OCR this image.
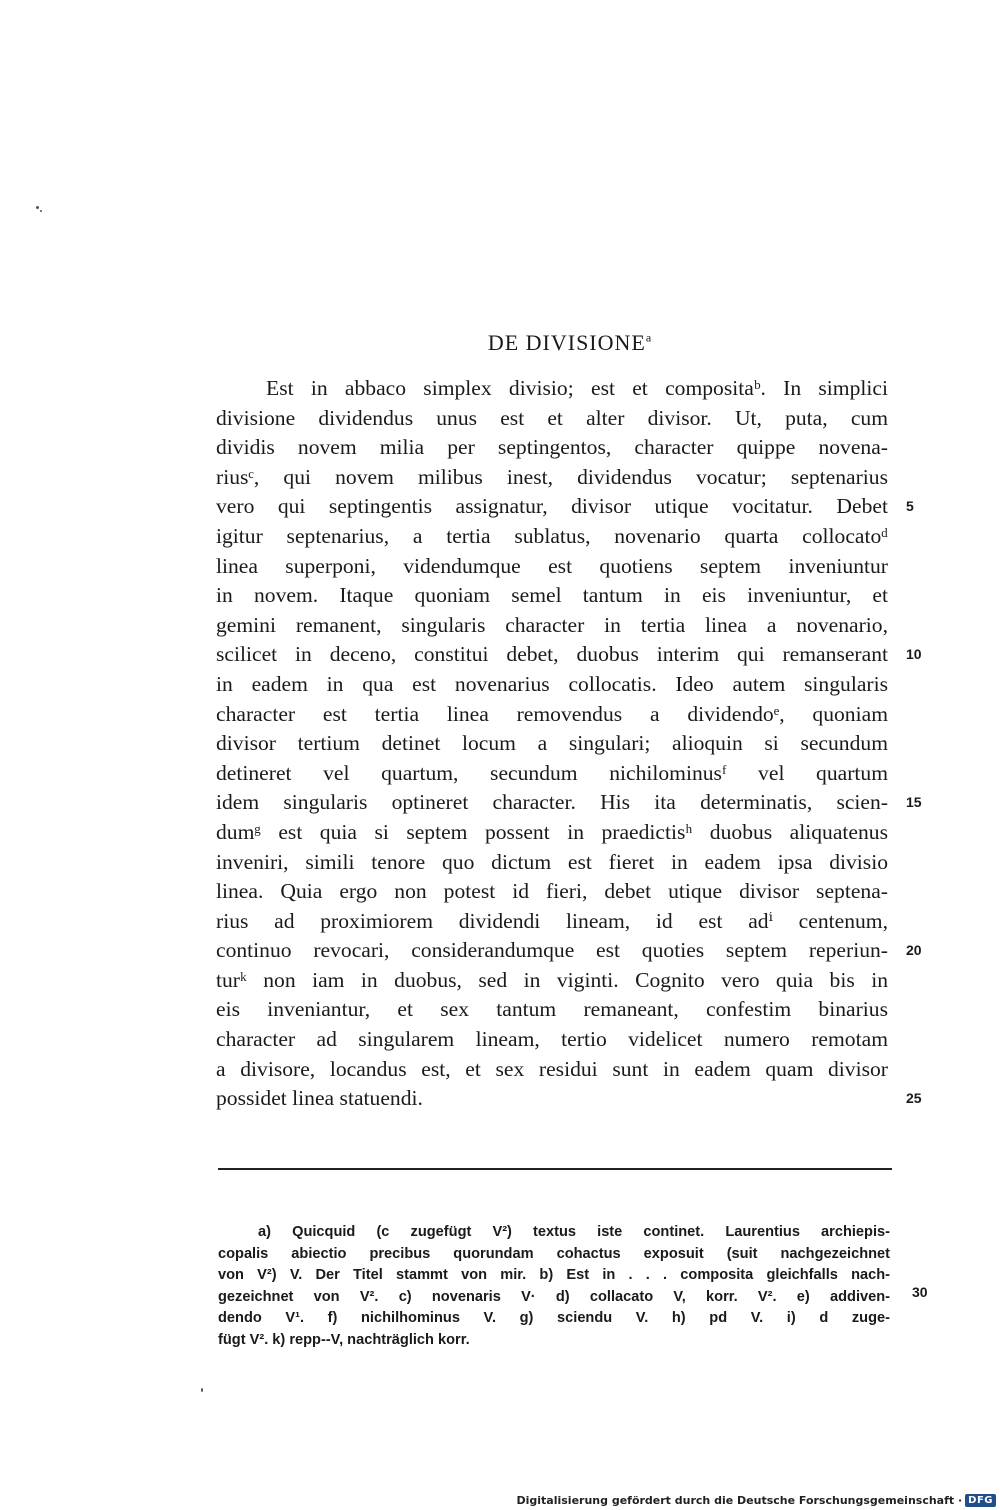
DE DIVISIONE$^a$
Est in abbaco simplex divisio; est et compositaᵇ. In simplici
divisione dividendus unus est et alter divisor. Ut, puta, cum
dividis novem milia per septingentos, character quippe novena-
riusᶜ, qui novem milibus inest, dividendus vocatur; septenarius
vero qui septingentis assignatur, divisor utique vocitatur. Debet 5
igitur septenarius, a tertia sublatus, novenario quarta collocatoᵈ
linea superponi, videndumque est quotiens septem inveniuntur
in novem. Itaque quoniam semel tantum in eis inveniuntur, et
gemini remanent, singularis character in tertia linea a novenario,
scilicet in deceno, constitui debet, duobus interim qui remanserant 10
in eadem in qua est novenarius collocatis. Ideo autem singularis
character est tertia linea removendus a dividendoᵉ, quoniam
divisor tertium detinet locum a singulari; alioquin si secundum
detineret vel quartum, secundum nichilominusᶠ vel quartum
idem singularis optineret character. His ita determinatis, scien- 15
dumᵍ est quia si septem possent in praedictisʰ duobus aliquatenus
inveniri, simili tenore quo dictum est fieret in eadem ipsa divisio
linea. Quia ergo non potest id fieri, debet utique divisor septena-
rius ad proximiorem dividendi lineam, id est adⁱ centenum,
continuo revocari, considerandumque est quoties septem reperiun- 20
turᵏ non iam in duobus, sed in viginti. Cognito vero quia bis in
eis inveniantur, et sex tantum remaneant, confestim binarius
character ad singularem lineam, tertio videlicet numero remotam
a divisore, locandus est, et sex residui sunt in eadem quam divisor
possidet linea statuendi.	25
a) Quicquid (c zugefügt V²) textus iste continet. Laurentius archiepis-
copalis abiectio precibus quorundam cohactus exposuit (suit nachgezeichnet
von V²) V. Der Titel stammt von mir. b) Est in . . . composita gleichfalls nach-
gezeichnet von V². c) novenaris V· d) collacato V, korr. V². e) addiven-
dendo V¹. f) nichilhominus V. g) sciendu V. h) pd V. i) d zuge-
fügt V². k) repp--V, nachträglich korr.
30
Digitalisierung gefördert durch die Deutsche Forschungsgemeinschaft · DFG
